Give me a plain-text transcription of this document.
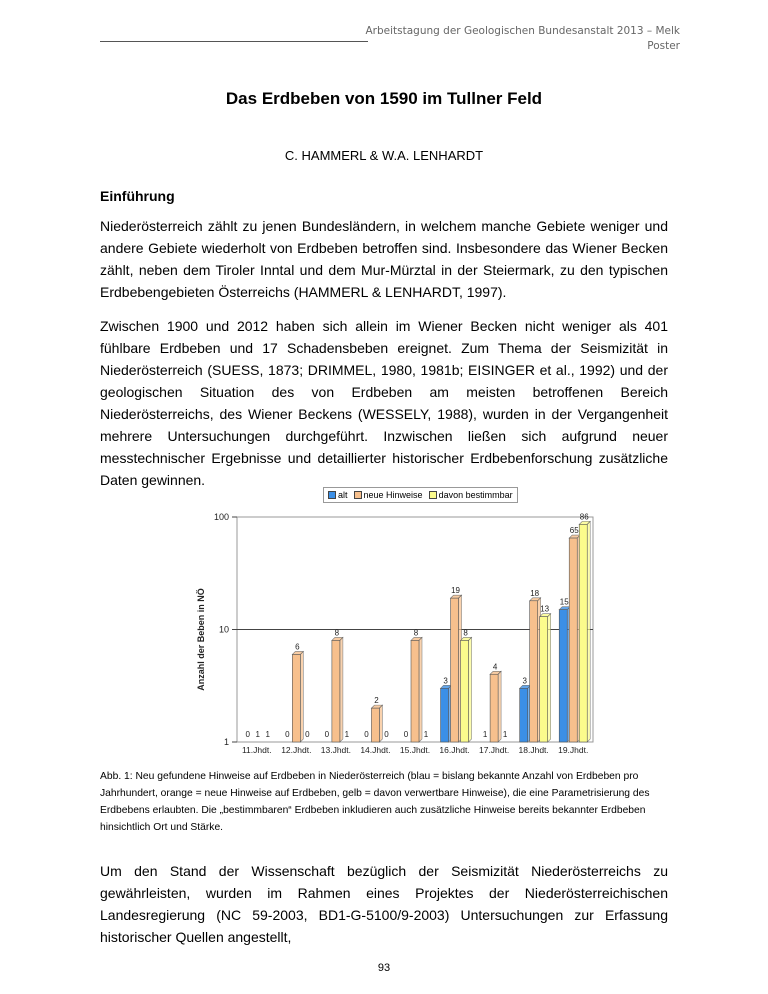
Arbeitstagung der Geologischen Bundesanstalt 2013 – Melk
Poster
Das Erdbeben von 1590 im Tullner Feld
C. HAMMERL & W.A. LENHARDT
Einführung

Niederösterreich zählt zu jenen Bundesländern, in welchem manche Gebiete weniger und andere Gebiete wiederholt von Erdbeben betroffen sind. Insbesondere das Wiener Becken zählt, neben dem Tiroler Inntal und dem Mur-Mürztal in der Steiermark, zu den typischen Erdbebengebieten Österreichs (HAMMERL & LENHARDT, 1997).

Zwischen 1900 und 2012 haben sich allein im Wiener Becken nicht weniger als 401 fühlbare Erdbeben und 17 Schadensbeben ereignet. Zum Thema der Seismizität in Niederösterreich (SUESS, 1873; DRIMMEL, 1980, 1981b; EISINGER et al., 1992) und der geologischen Situation des von Erdbeben am meisten betroffenen Bereich Niederösterreichs, des Wiener Beckens (WESSELY, 1988), wurden in der Vergangenheit mehrere Untersuchungen durchgeführt. Inzwischen ließen sich aufgrund neuer messtechnischer Ergebnisse und detaillierter historischer Erdbebenforschung zusätzliche Daten gewinnen.

1
10
100
Anzahl der Beben in NÖ
0 1 1
11.Jhdt.
0
6
0
12.Jhdt.
0
8
1
13.Jhdt.
0
2
0
14.Jhdt.
0
8
1
15.Jhdt.
3
19
8
16.Jhdt.
1
4
1
17.Jhdt.
3
18
13
18.Jhdt.
15
65
86
19.Jhdt.
alt neue Hinweise davon bestimmbar

Abb. 1: Neu gefundene Hinweise auf Erdbeben in Niederösterreich (blau = bislang bekannte Anzahl von Erdbeben pro Jahrhundert, orange = neue Hinweise auf Erdbeben, gelb = davon verwertbare Hinweise), die eine Parametrisierung des Erdbebens erlaubten. Die „bestimmbaren“ Erdbeben inkludieren auch zusätzliche Hinweise bereits bekannter Erdbeben hinsichtlich Ort und Stärke.

Um den Stand der Wissenschaft bezüglich der Seismizität Niederösterreichs zu gewährleisten, wurden im Rahmen eines Projektes der Niederösterreichischen Landesregierung (NC 59-2003, BD1-G-5100/9-2003) Untersuchungen zur Erfassung historischer Quellen angestellt,

93
